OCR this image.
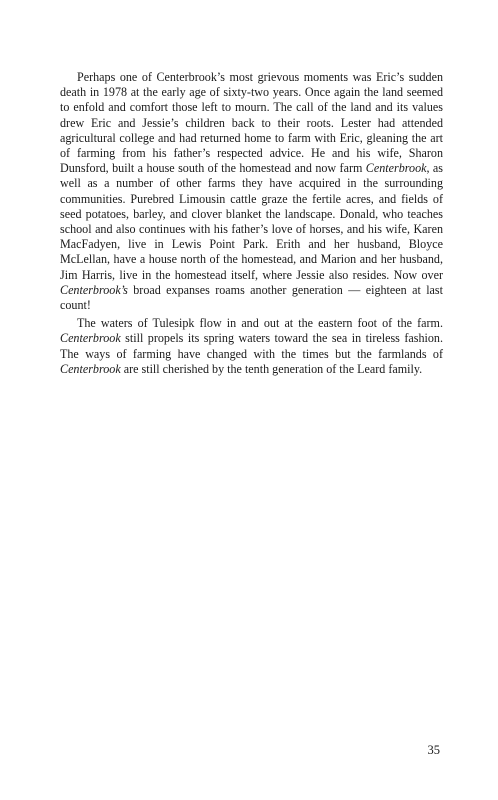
Perhaps one of Centerbrook’s most grievous moments was Eric’s sudden death in 1978 at the early age of sixty-two years. Once again the land seemed to enfold and comfort those left to mourn. The call of the land and its values drew Eric and Jessie’s children back to their roots. Lester had attended agricultural college and had returned home to farm with Eric, gleaning the art of farming from his father’s respected advice. He and his wife, Sharon Dunsford, built a house south of the homestead and now farm Centerbrook, as well as a number of other farms they have acquired in the surrounding communities. Purebred Limousin cattle graze the fertile acres, and fields of seed potatoes, barley, and clover blanket the landscape. Donald, who teaches school and also continues with his father’s love of horses, and his wife, Karen MacFadyen, live in Lewis Point Park. Erith and her husband, Bloyce McLellan, have a house north of the homestead, and Marion and her husband, Jim Harris, live in the homestead itself, where Jessie also resides. Now over Centerbrook’s broad expanses roams another generation — eighteen at last count!

The waters of Tulesipk flow in and out at the eastern foot of the farm. Centerbrook still propels its spring waters toward the sea in tireless fashion. The ways of farming have changed with the times but the farmlands of Centerbrook are still cherished by the tenth generation of the Leard family.

35
